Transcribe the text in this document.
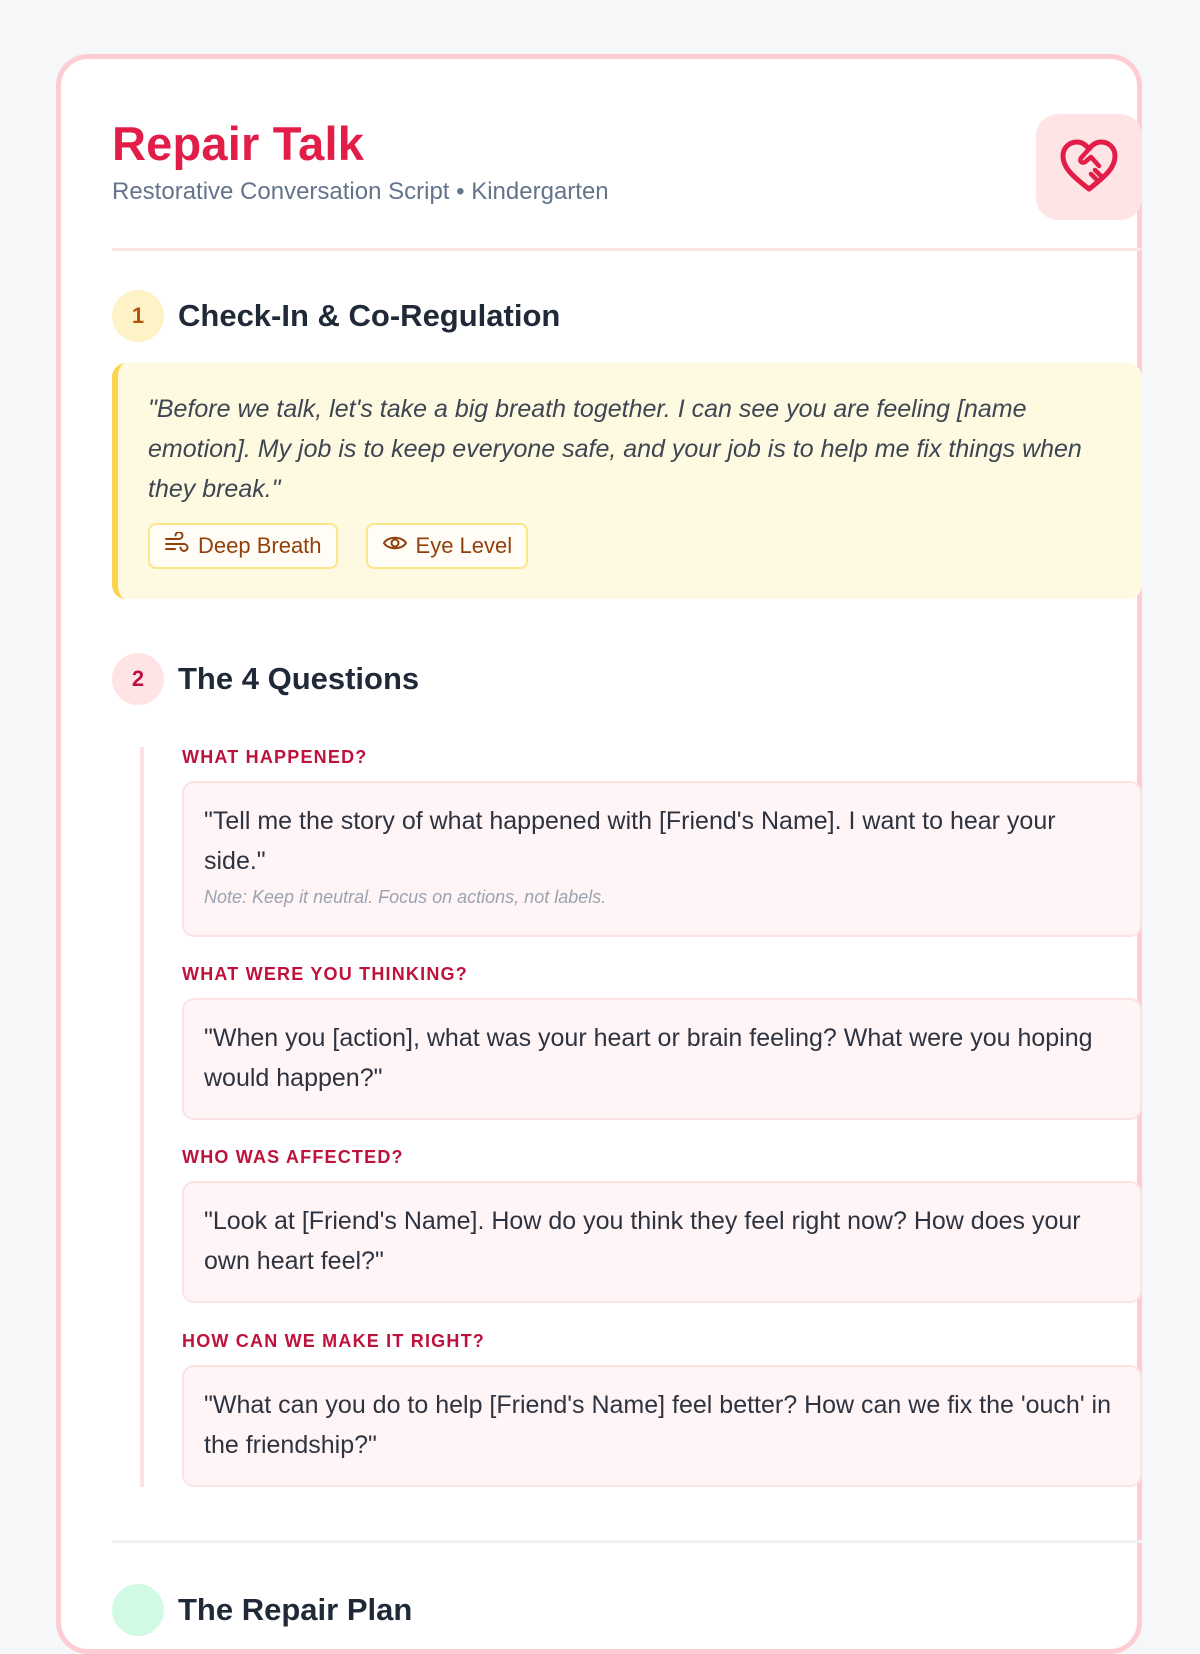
Repair Talk
Restorative Conversation Script • Kindergarten
1	Check-In & Co-Regulation
"Before we talk, let's take a big breath together. I can see you are feeling [name emotion]. My job is to keep everyone safe, and your job is to help me fix things when they break."
Deep Breath	Eye Level
2	The 4 Questions
WHAT HAPPENED?
"Tell me the story of what happened with [Friend's Name]. I want to hear your side."
Note: Keep it neutral. Focus on actions, not labels.
WHAT WERE YOU THINKING?
"When you [action], what was your heart or brain feeling? What were you hoping would happen?"
WHO WAS AFFECTED?
"Look at [Friend's Name]. How do you think they feel right now? How does your own heart feel?"
HOW CAN WE MAKE IT RIGHT?
"What can you do to help [Friend's Name] feel better? How can we fix the 'ouch' in the friendship?"
The Repair Plan
